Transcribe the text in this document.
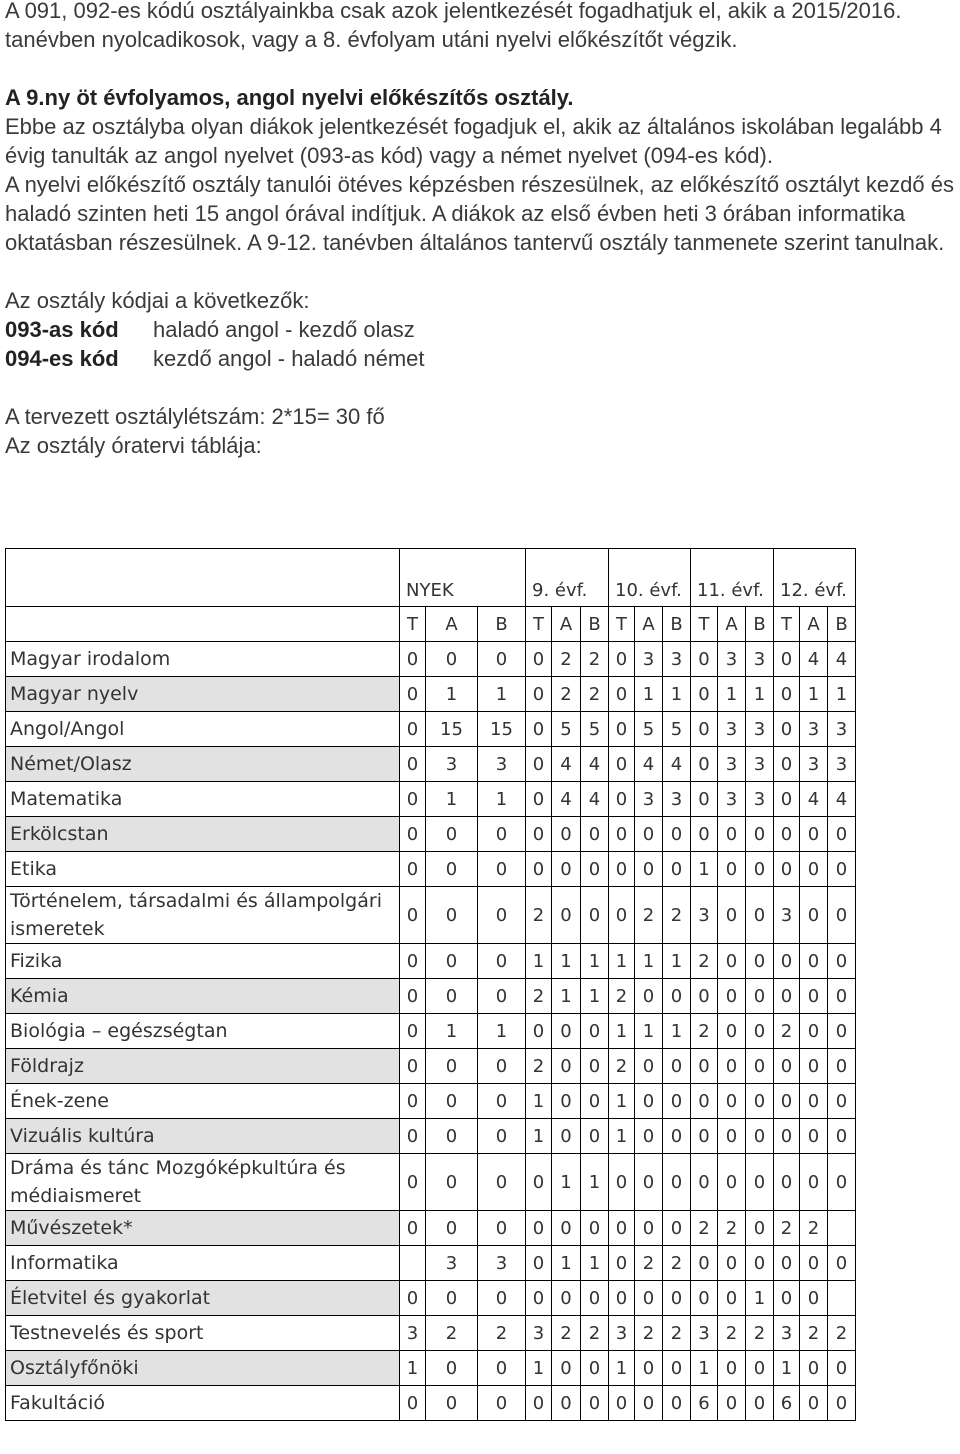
A 091, 092-es kódú osztályainkba csak azok jelentkezését fogadhatjuk el, akik a 2015/2016. tanévben nyolcadikosok, vagy a 8. évfolyam utáni nyelvi előkészítőt végzik.

A 9.ny öt évfolyamos, angol nyelvi előkészítős osztály.

Ebbe az osztályba olyan diákok jelentkezését fogadjuk el, akik az általános iskolában legalább 4 évig tanulták az angol nyelvet (093-as kód) vagy a német nyelvet (094-es kód).

A nyelvi előkészítő osztály tanulói ötéves képzésben részesülnek, az előkészítő osztályt kezdő és haladó szinten heti 15 angol órával indítjuk. A diákok az első évben heti 3 órában informatika oktatásban részesülnek. A 9-12. tanévben általános tantervű osztály tanmenete szerint tanulnak.

Az osztály kódjai a következők:

093-as kód haladó angol - kezdő olasz

094-es kód kezdő angol - haladó német

A tervezett osztálylétszám: 2*15= 30 fő

Az osztály óratervi táblája:

	NYEK			9. évf.			10. évf.			11. évf.			12. évf.		
	T	A	B	T	A	B	T	A	B	T	A	B	T	A	B
Magyar irodalom	0	0	0	0	2	2	0	3	3	0	3	3	0	4	4
Magyar nyelv	0	1	1	0	2	2	0	1	1	0	1	1	0	1	1
Angol/Angol	0	15	15	0	5	5	0	5	5	0	3	3	0	3	3
Német/Olasz	0	3	3	0	4	4	0	4	4	0	3	3	0	3	3
Matematika	0	1	1	0	4	4	0	3	3	0	3	3	0	4	4
Erkölcstan	0	0	0	0	0	0	0	0	0	0	0	0	0	0	0
Etika	0	0	0	0	0	0	0	0	0	1	0	0	0	0	0
Történelem, társadalmi és állampolgári ismeretek	0	0	0	2	0	0	0	2	2	3	0	0	3	0	0
Fizika	0	0	0	1	1	1	1	1	1	2	0	0	0	0	0
Kémia	0	0	0	2	1	1	2	0	0	0	0	0	0	0	0
Biológia – egészségtan	0	1	1	0	0	0	1	1	1	2	0	0	2	0	0
Földrajz	0	0	0	2	0	0	2	0	0	0	0	0	0	0	0
Ének-zene	0	0	0	1	0	0	1	0	0	0	0	0	0	0	0
Vizuális kultúra	0	0	0	1	0	0	1	0	0	0	0	0	0	0	0
Dráma és tánc Mozgóképkultúra és médiaismeret	0	0	0	0	1	1	0	0	0	0	0	0	0	0	0
Művészetek*	0	0	0	0	0	0	0	0	0	2	2	0	2	2	
Informatika		3	3	0	1	1	0	2	2	0	0	0	0	0	0
Életvitel és gyakorlat	0	0	0	0	0	0	0	0	0	0	0	1	0	0	
Testnevelés és sport	3	2	2	3	2	2	3	2	2	3	2	2	3	2	2
Osztályfőnöki	1	0	0	1	0	0	1	0	0	1	0	0	1	0	0
Fakultáció	0	0	0	0	0	0	0	0	0	6	0	0	6	0	0
